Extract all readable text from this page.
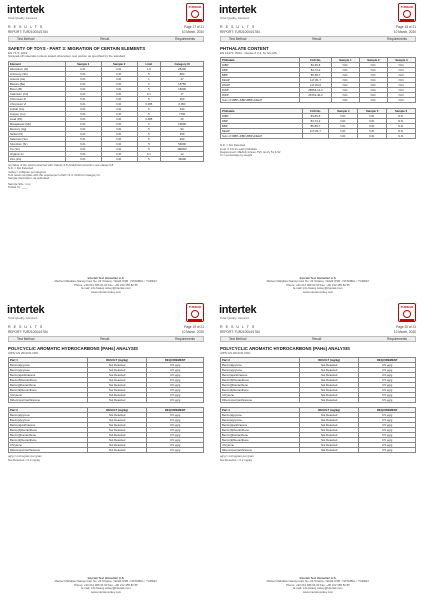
intertek
Total Quality. Assured.
TÜRKAK
R E S U L T S	Page 17 of 21
REPORT: TUR210004/1784	10 March, 2020
Test Method	Result	Requirements
SAFETY OF TOYS - PART 3: MIGRATION OF CERTAIN ELEMENTS
EN 71-3: 2019
Scraped-off materials (unless stated otherwise), test portion as specified by the standard
Element	Sample 1	Sample 2	Limit	Category III
Aluminium (Al)	N.D.	N.D.	1.5	28130
Antimony (Sb)	N.D.	N.D.	5	560
Arsenic (As)	N.D.	N.D.	1	47
Barium (Ba)	N.D.	N.D.	5	18750
Boron (B)	N.D.	N.D.	5	15000
Cadmium (Cd)	N.D.	N.D.	0.1	17
Chromium III	N.D.	N.D.	5	460
Chromium VI	N.D.	N.D.	0.005	0.053
Cobalt (Co)	N.D.	N.D.	5	130
Copper (Cu)	N.D.	N.D.	5	7700
Lead (Pb)	N.D.	N.D.	0.005	23
Manganese (Mn)	N.D.	N.D.	5	15000
Mercury (Hg)	N.D.	N.D.	5	94
Nickel (Ni)	N.D.	N.D.	5	930
Selenium (Se)	N.D.	N.D.	5	460
Strontium (Sr)	N.D.	N.D.	5	56000
Tin (Sn)	N.D.	N.D.	5	180000
Organic tin	N.D.	N.D.	0.1	12
Zinc (Zn)	N.D.	N.D.	5	46000
(a) Value of the result corrected with 'Clause 9.8' Analytical correction: see clause 9.8
N.D. = Not Detected
mg/kg = milligram per kilogram
Test result complies with the requirement of EN 71-3: 2019 for Category III
Sample description: as submitted
Sample Size: 1 pc
Tested by: ____
Intertek Test Hizmetleri A.S.
Merkez Mahallesi Sanayi Cad. No: 23 Ortakoy / Ikitelli OSB - ISTANBUL / TURKEY
Phone: +90 212 486 64 00 Fax: +90 212 455 82 55
E-mail: info.hwacg.turkey@intertek.com
www.intertek-turkey.com
intertek
Total Quality. Assured.
TÜRKAK
R E S U L T S	Page 18 of 21
REPORT: TUR210004/1784	10 March, 2020
Test Method	Result	Requirements
PHTHALATE CONTENT
EN 14372: 2004 - Clause 6.3.2, by GC-MS
Phthalate	CAS No.	Sample 1	Sample 2	Sample 3
DIBP	84-69-5	N.D.	N.D.	N.D.
DBP	84-74-2	N.D.	N.D.	N.D.
BBP	85-68-7	N.D.	N.D.	N.D.
DEHP	117-81-7	N.D.	N.D.	N.D.
DNOP	117-84-0	N.D.	N.D.	N.D.
DINP	28553-12-0	N.D.	N.D.	N.D.
DIDP	26761-40-0	N.D.	N.D.	N.D.
Sum of DIBP+DBP+BBP+DEHP		N.D.	N.D.	N.D.
Phthalate	CAS No.	Sample 4	Sample 5	Sample 6
DIBP	84-69-5	N.D.	N.D.	N.D.
DBP	84-74-2	N.D.	N.D.	N.D.
BBP	85-68-7	N.D.	N.D.	N.D.
DEHP	117-81-7	N.D.	N.D.	N.D.
Sum of DIBP+DBP+BBP+DEHP		N.D.	N.D.	N.D.
N.D. = Not Detected
Limit: 0.1% for each phthalate
Requirement: REACH Annex XVII, Entry 51 & 52
% = percentage by weight
Intertek Test Hizmetleri A.S.
Merkez Mahallesi Sanayi Cad. No: 23 Ortakoy / Ikitelli OSB - ISTANBUL / TURKEY
Phone: +90 212 486 64 00 Fax: +90 212 455 82 55
E-mail: info.hwacg.turkey@intertek.com
www.intertek-turkey.com
intertek
Total Quality. Assured.
TÜRKAK
R E S U L T S	Page 19 of 21
REPORT: TUR210004/1784	10 March, 2020
Test Method	Result	Requirements
POLYCYCLIC AROMATIC HYDROCARBONS (PAHs) ANALYSIS
AfPS GS 2019:01 PAK
Part 1	RESULT (mg/kg)	REQUIREMENT
Benzo(a)pyrene	Not Detected	0.5 µg/g
Benzo(e)pyrene	Not Detected	0.5 µg/g
Benzo(a)anthracene	Not Detected	0.5 µg/g
Benzo(b)fluoranthene	Not Detected	0.5 µg/g
Benzo(j)fluoranthene	Not Detected	0.5 µg/g
Benzo(k)fluoranthene	Not Detected	0.5 µg/g
Chrysene	Not Detected	0.5 µg/g
Dibenzo(a,h)anthracene	Not Detected	0.5 µg/g
Part 2	RESULT (mg/kg)	REQUIREMENT
Benzo(a)pyrene	Not Detected	0.5 µg/g
Benzo(e)pyrene	Not Detected	0.5 µg/g
Benzo(a)anthracene	Not Detected	0.5 µg/g
Benzo(b)fluoranthene	Not Detected	0.5 µg/g
Benzo(j)fluoranthene	Not Detected	0.5 µg/g
Benzo(k)fluoranthene	Not Detected	0.5 µg/g
Chrysene	Not Detected	0.5 µg/g
Dibenzo(a,h)anthracene	Not Detected	0.5 µg/g
µg/g = microgram per gram
Not Detected < 0.2 mg/kg
Intertek Test Hizmetleri A.S.
Merkez Mahallesi Sanayi Cad. No: 23 Ortakoy / Ikitelli OSB - ISTANBUL / TURKEY
Phone: +90 212 486 64 00 Fax: +90 212 455 82 55
E-mail: info.hwacg.turkey@intertek.com
www.intertek-turkey.com
intertek
Total Quality. Assured.
TÜRKAK
R E S U L T S	Page 20 of 21
REPORT: TUR210004/1784	10 March, 2020
Test Method	Result	Requirements
POLYCYCLIC AROMATIC HYDROCARBONS (PAHs) ANALYSIS
AfPS GS 2019:01 PAK
Part 3	RESULT (mg/kg)	REQUIREMENT
Benzo(a)pyrene	Not Detected	0.5 µg/g
Benzo(e)pyrene	Not Detected	0.5 µg/g
Benzo(a)anthracene	Not Detected	0.5 µg/g
Benzo(b)fluoranthene	Not Detected	0.5 µg/g
Benzo(j)fluoranthene	Not Detected	0.5 µg/g
Benzo(k)fluoranthene	Not Detected	0.5 µg/g
Chrysene	Not Detected	0.5 µg/g
Dibenzo(a,h)anthracene	Not Detected	0.5 µg/g
Part 4	RESULT (mg/kg)	REQUIREMENT
Benzo(a)pyrene	Not Detected	0.5 µg/g
Benzo(e)pyrene	Not Detected	0.5 µg/g
Benzo(a)anthracene	Not Detected	0.5 µg/g
Benzo(b)fluoranthene	Not Detected	0.5 µg/g
Benzo(j)fluoranthene	Not Detected	0.5 µg/g
Benzo(k)fluoranthene	Not Detected	0.5 µg/g
Chrysene	Not Detected	0.5 µg/g
Dibenzo(a,h)anthracene	Not Detected	0.5 µg/g
µg/g = microgram per gram
Not Detected < 0.2 mg/kg
Intertek Test Hizmetleri A.S.
Merkez Mahallesi Sanayi Cad. No: 23 Ortakoy / Ikitelli OSB - ISTANBUL / TURKEY
Phone: +90 212 486 64 00 Fax: +90 212 455 82 55
E-mail: info.hwacg.turkey@intertek.com
www.intertek-turkey.com
